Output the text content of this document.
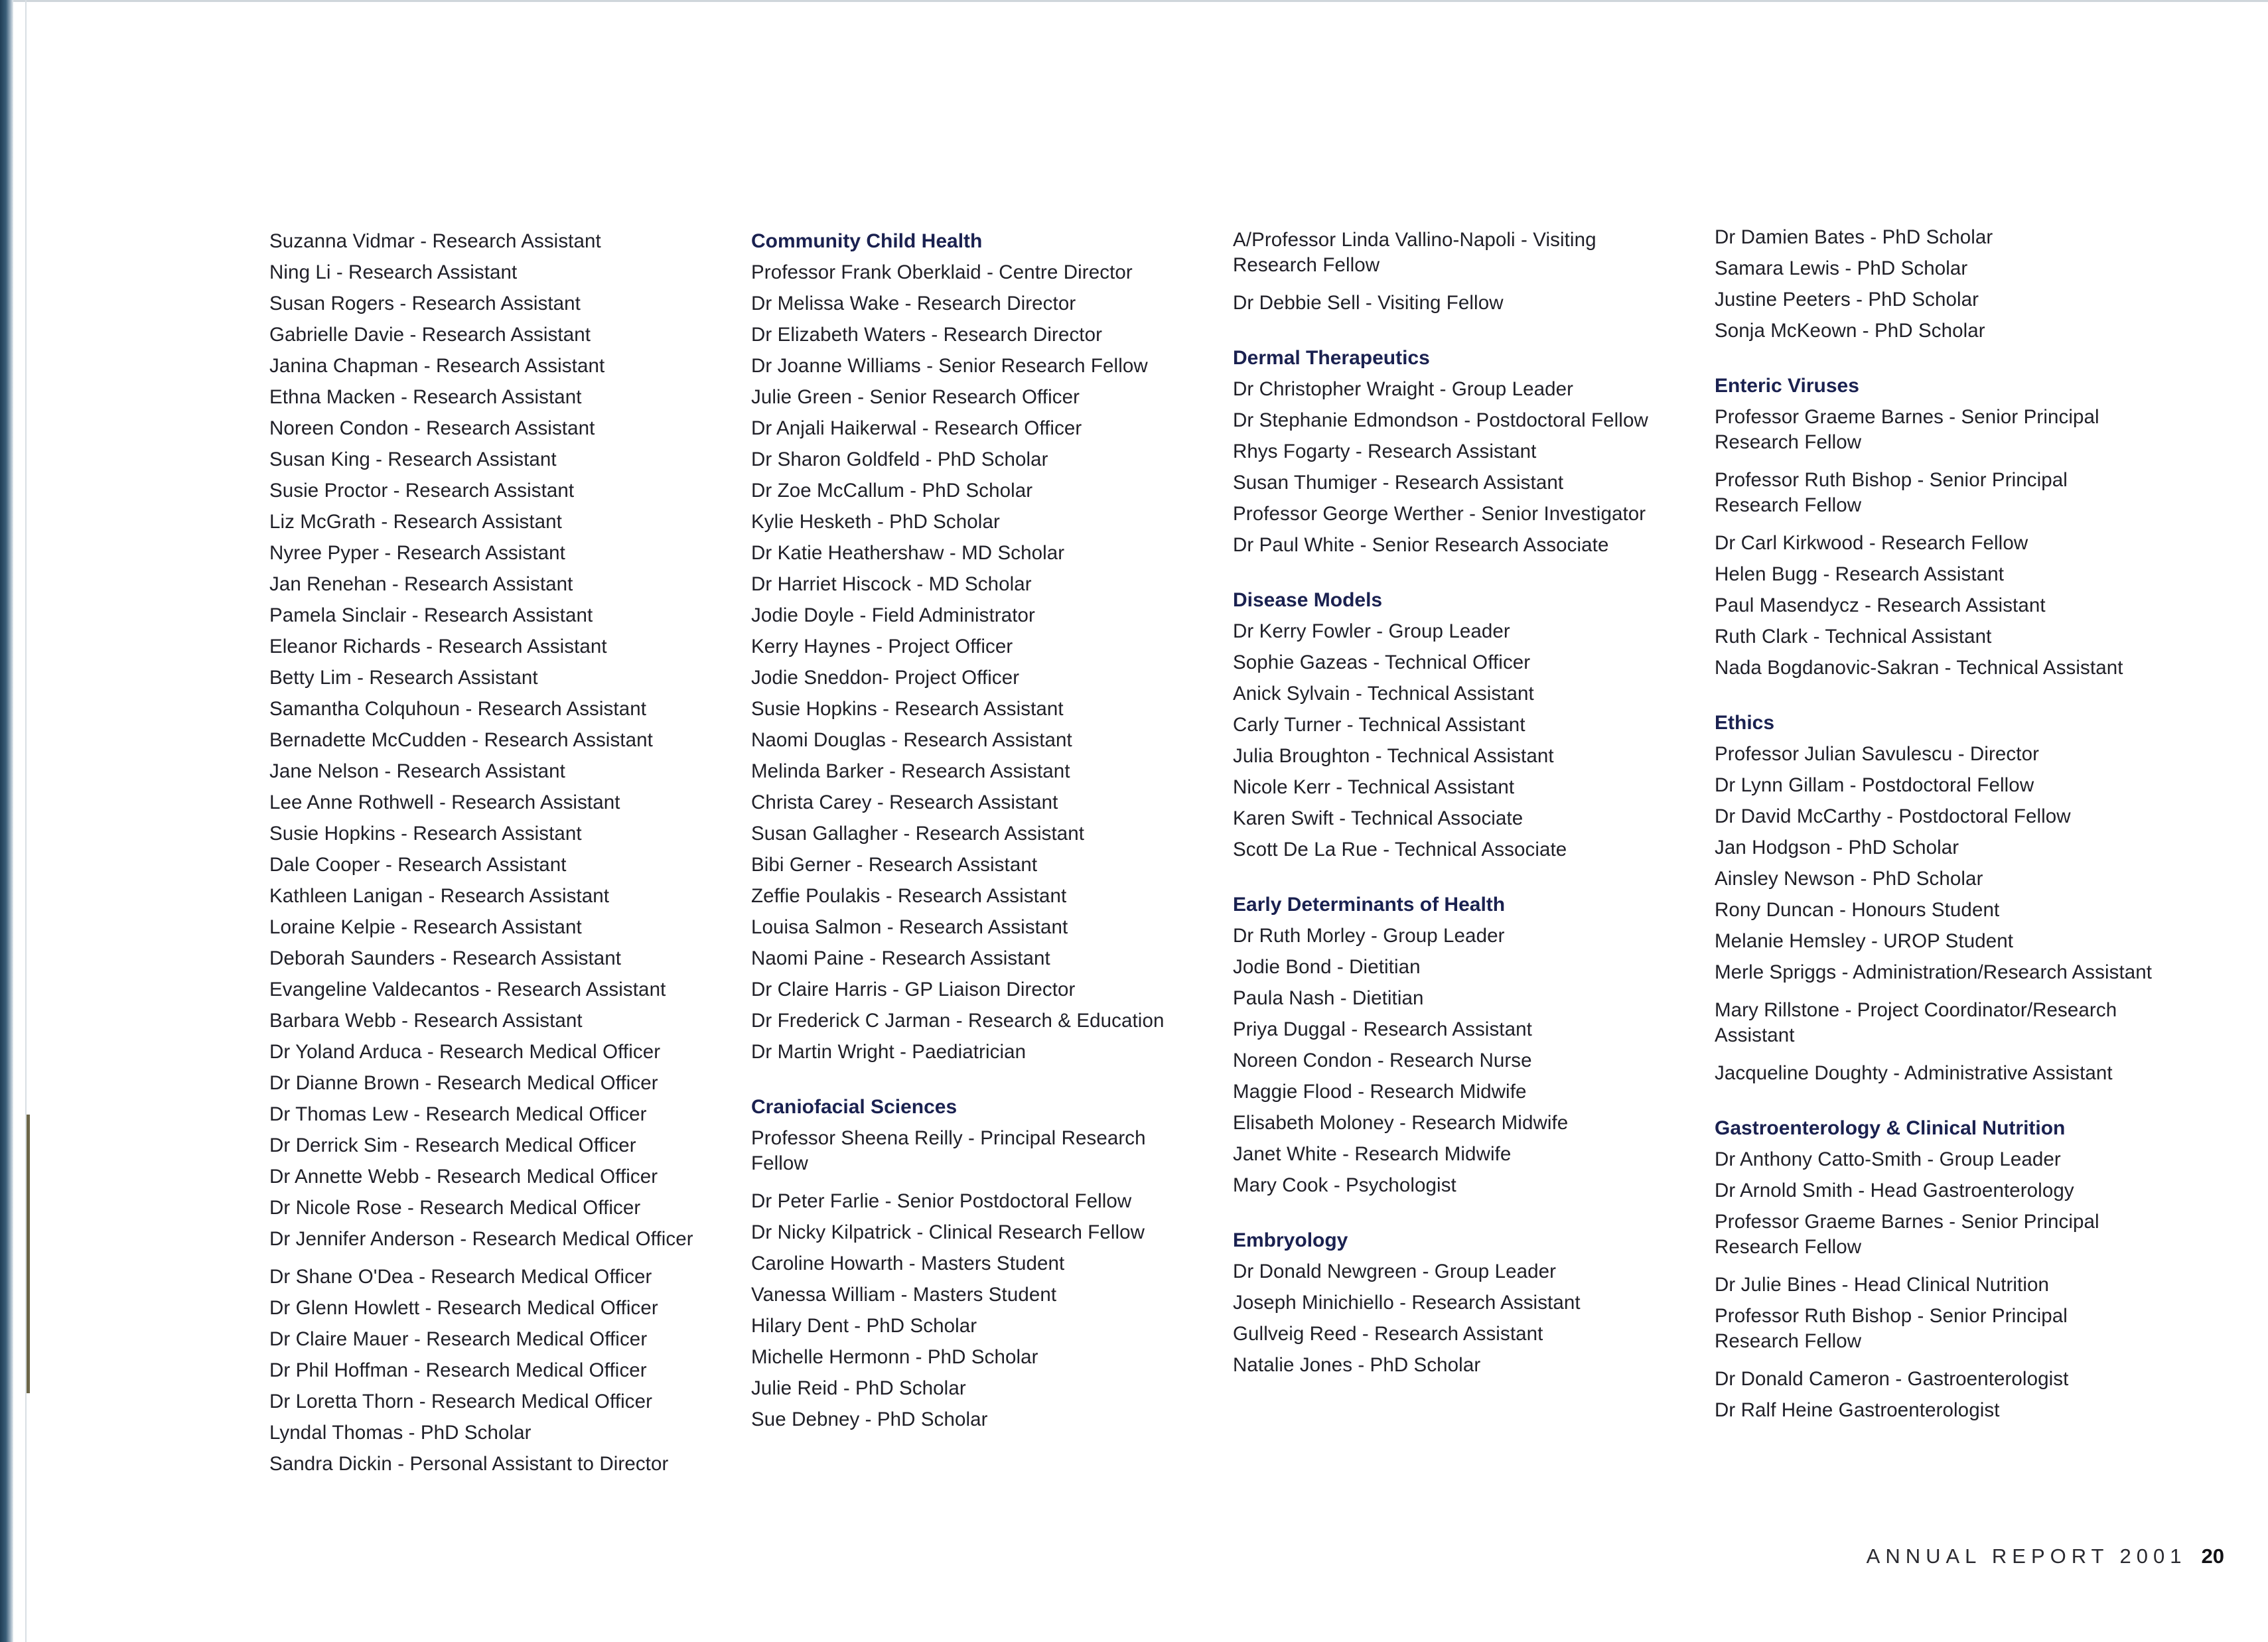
Suzanna Vidmar - Research Assistant
Ning Li - Research Assistant
Susan Rogers - Research Assistant
Gabrielle Davie - Research Assistant
Janina Chapman - Research Assistant
Ethna Macken - Research Assistant
Noreen Condon - Research Assistant
Susan King - Research Assistant
Susie Proctor - Research Assistant
Liz McGrath - Research Assistant
Nyree Pyper - Research Assistant
Jan Renehan - Research Assistant
Pamela Sinclair - Research Assistant
Eleanor Richards - Research Assistant
Betty Lim - Research Assistant
Samantha Colquhoun - Research Assistant
Bernadette McCudden - Research Assistant
Jane Nelson - Research Assistant
Lee Anne Rothwell - Research Assistant
Susie Hopkins - Research Assistant
Dale Cooper - Research Assistant
Kathleen Lanigan - Research Assistant
Loraine Kelpie - Research Assistant
Deborah Saunders - Research Assistant
Evangeline Valdecantos - Research Assistant
Barbara Webb - Research Assistant
Dr Yoland Arduca - Research Medical Officer
Dr Dianne Brown - Research Medical Officer
Dr Thomas Lew - Research Medical Officer
Dr Derrick Sim - Research Medical Officer
Dr Annette Webb - Research Medical Officer
Dr Nicole Rose - Research Medical Officer
Dr Jennifer Anderson - Research Medical Officer
Dr Shane O'Dea - Research Medical Officer
Dr Glenn Howlett - Research Medical Officer
Dr Claire Mauer - Research Medical Officer
Dr Phil Hoffman - Research Medical Officer
Dr Loretta Thorn - Research Medical Officer
Lyndal Thomas - PhD Scholar
Sandra Dickin - Personal Assistant to Director
Community Child Health
Professor Frank Oberklaid - Centre Director
Dr Melissa Wake - Research Director
Dr Elizabeth Waters - Research Director
Dr Joanne Williams - Senior Research Fellow
Julie Green - Senior Research Officer
Dr Anjali Haikerwal - Research Officer
Dr Sharon Goldfeld - PhD Scholar
Dr Zoe McCallum - PhD Scholar
Kylie Hesketh - PhD Scholar
Dr Katie Heathershaw - MD Scholar
Dr Harriet Hiscock - MD Scholar
Jodie Doyle - Field Administrator
Kerry Haynes - Project Officer
Jodie Sneddon- Project Officer
Susie Hopkins - Research Assistant
Naomi Douglas - Research Assistant
Melinda Barker - Research Assistant
Christa Carey - Research Assistant
Susan Gallagher - Research Assistant
Bibi Gerner - Research Assistant
Zeffie Poulakis - Research Assistant
Louisa Salmon - Research Assistant
Naomi Paine - Research Assistant
Dr Claire Harris - GP Liaison Director
Dr Frederick C Jarman - Research & Education
Dr Martin Wright - Paediatrician
Craniofacial Sciences
Professor Sheena Reilly - Principal Research Fellow
Dr Peter Farlie - Senior Postdoctoral Fellow
Dr Nicky Kilpatrick - Clinical Research Fellow
Caroline Howarth - Masters Student
Vanessa William - Masters Student
Hilary Dent - PhD Scholar
Michelle Hermonn - PhD Scholar
Julie Reid - PhD Scholar
Sue Debney - PhD Scholar
A/Professor Linda Vallino-Napoli - Visiting Research Fellow
Dr Debbie Sell - Visiting Fellow
Dermal Therapeutics
Dr Christopher Wraight - Group Leader
Dr Stephanie Edmondson - Postdoctoral Fellow
Rhys Fogarty - Research Assistant
Susan Thumiger - Research Assistant
Professor George Werther - Senior Investigator
Dr Paul White - Senior Research Associate
Disease Models
Dr Kerry Fowler - Group Leader
Sophie Gazeas - Technical Officer
Anick Sylvain - Technical Assistant
Carly Turner - Technical Assistant
Julia Broughton - Technical Assistant
Nicole Kerr - Technical Assistant
Karen Swift - Technical Associate
Scott De La Rue - Technical Associate
Early Determinants of Health
Dr Ruth Morley - Group Leader
Jodie Bond - Dietitian
Paula Nash - Dietitian
Priya Duggal - Research Assistant
Noreen Condon - Research Nurse
Maggie Flood - Research Midwife
Elisabeth Moloney - Research Midwife
Janet White - Research Midwife
Mary Cook - Psychologist
Embryology
Dr Donald Newgreen - Group Leader
Joseph Minichiello - Research Assistant
Gullveig Reed - Research Assistant
Natalie Jones - PhD Scholar
Dr Damien Bates - PhD Scholar
Samara Lewis - PhD Scholar
Justine Peeters - PhD Scholar
Sonja McKeown - PhD Scholar
Enteric Viruses
Professor Graeme Barnes - Senior Principal Research Fellow
Professor Ruth Bishop - Senior Principal Research Fellow
Dr Carl Kirkwood - Research Fellow
Helen Bugg - Research Assistant
Paul Masendycz - Research Assistant
Ruth Clark - Technical Assistant
Nada Bogdanovic-Sakran - Technical Assistant
Ethics
Professor Julian Savulescu - Director
Dr Lynn Gillam - Postdoctoral Fellow
Dr David McCarthy - Postdoctoral Fellow
Jan Hodgson - PhD Scholar
Ainsley Newson - PhD Scholar
Rony Duncan - Honours Student
Melanie Hemsley - UROP Student
Merle Spriggs - Administration/Research Assistant
Mary Rillstone - Project Coordinator/Research Assistant
Jacqueline Doughty - Administrative Assistant
Gastroenterology & Clinical Nutrition
Dr Anthony Catto-Smith - Group Leader
Dr Arnold Smith - Head Gastroenterology
Professor Graeme Barnes - Senior Principal Research Fellow
Dr Julie Bines - Head Clinical Nutrition
Professor Ruth Bishop - Senior Principal Research Fellow
Dr Donald Cameron - Gastroenterologist
Dr Ralf Heine Gastroenterologist
ANNUAL REPORT 2001 20
